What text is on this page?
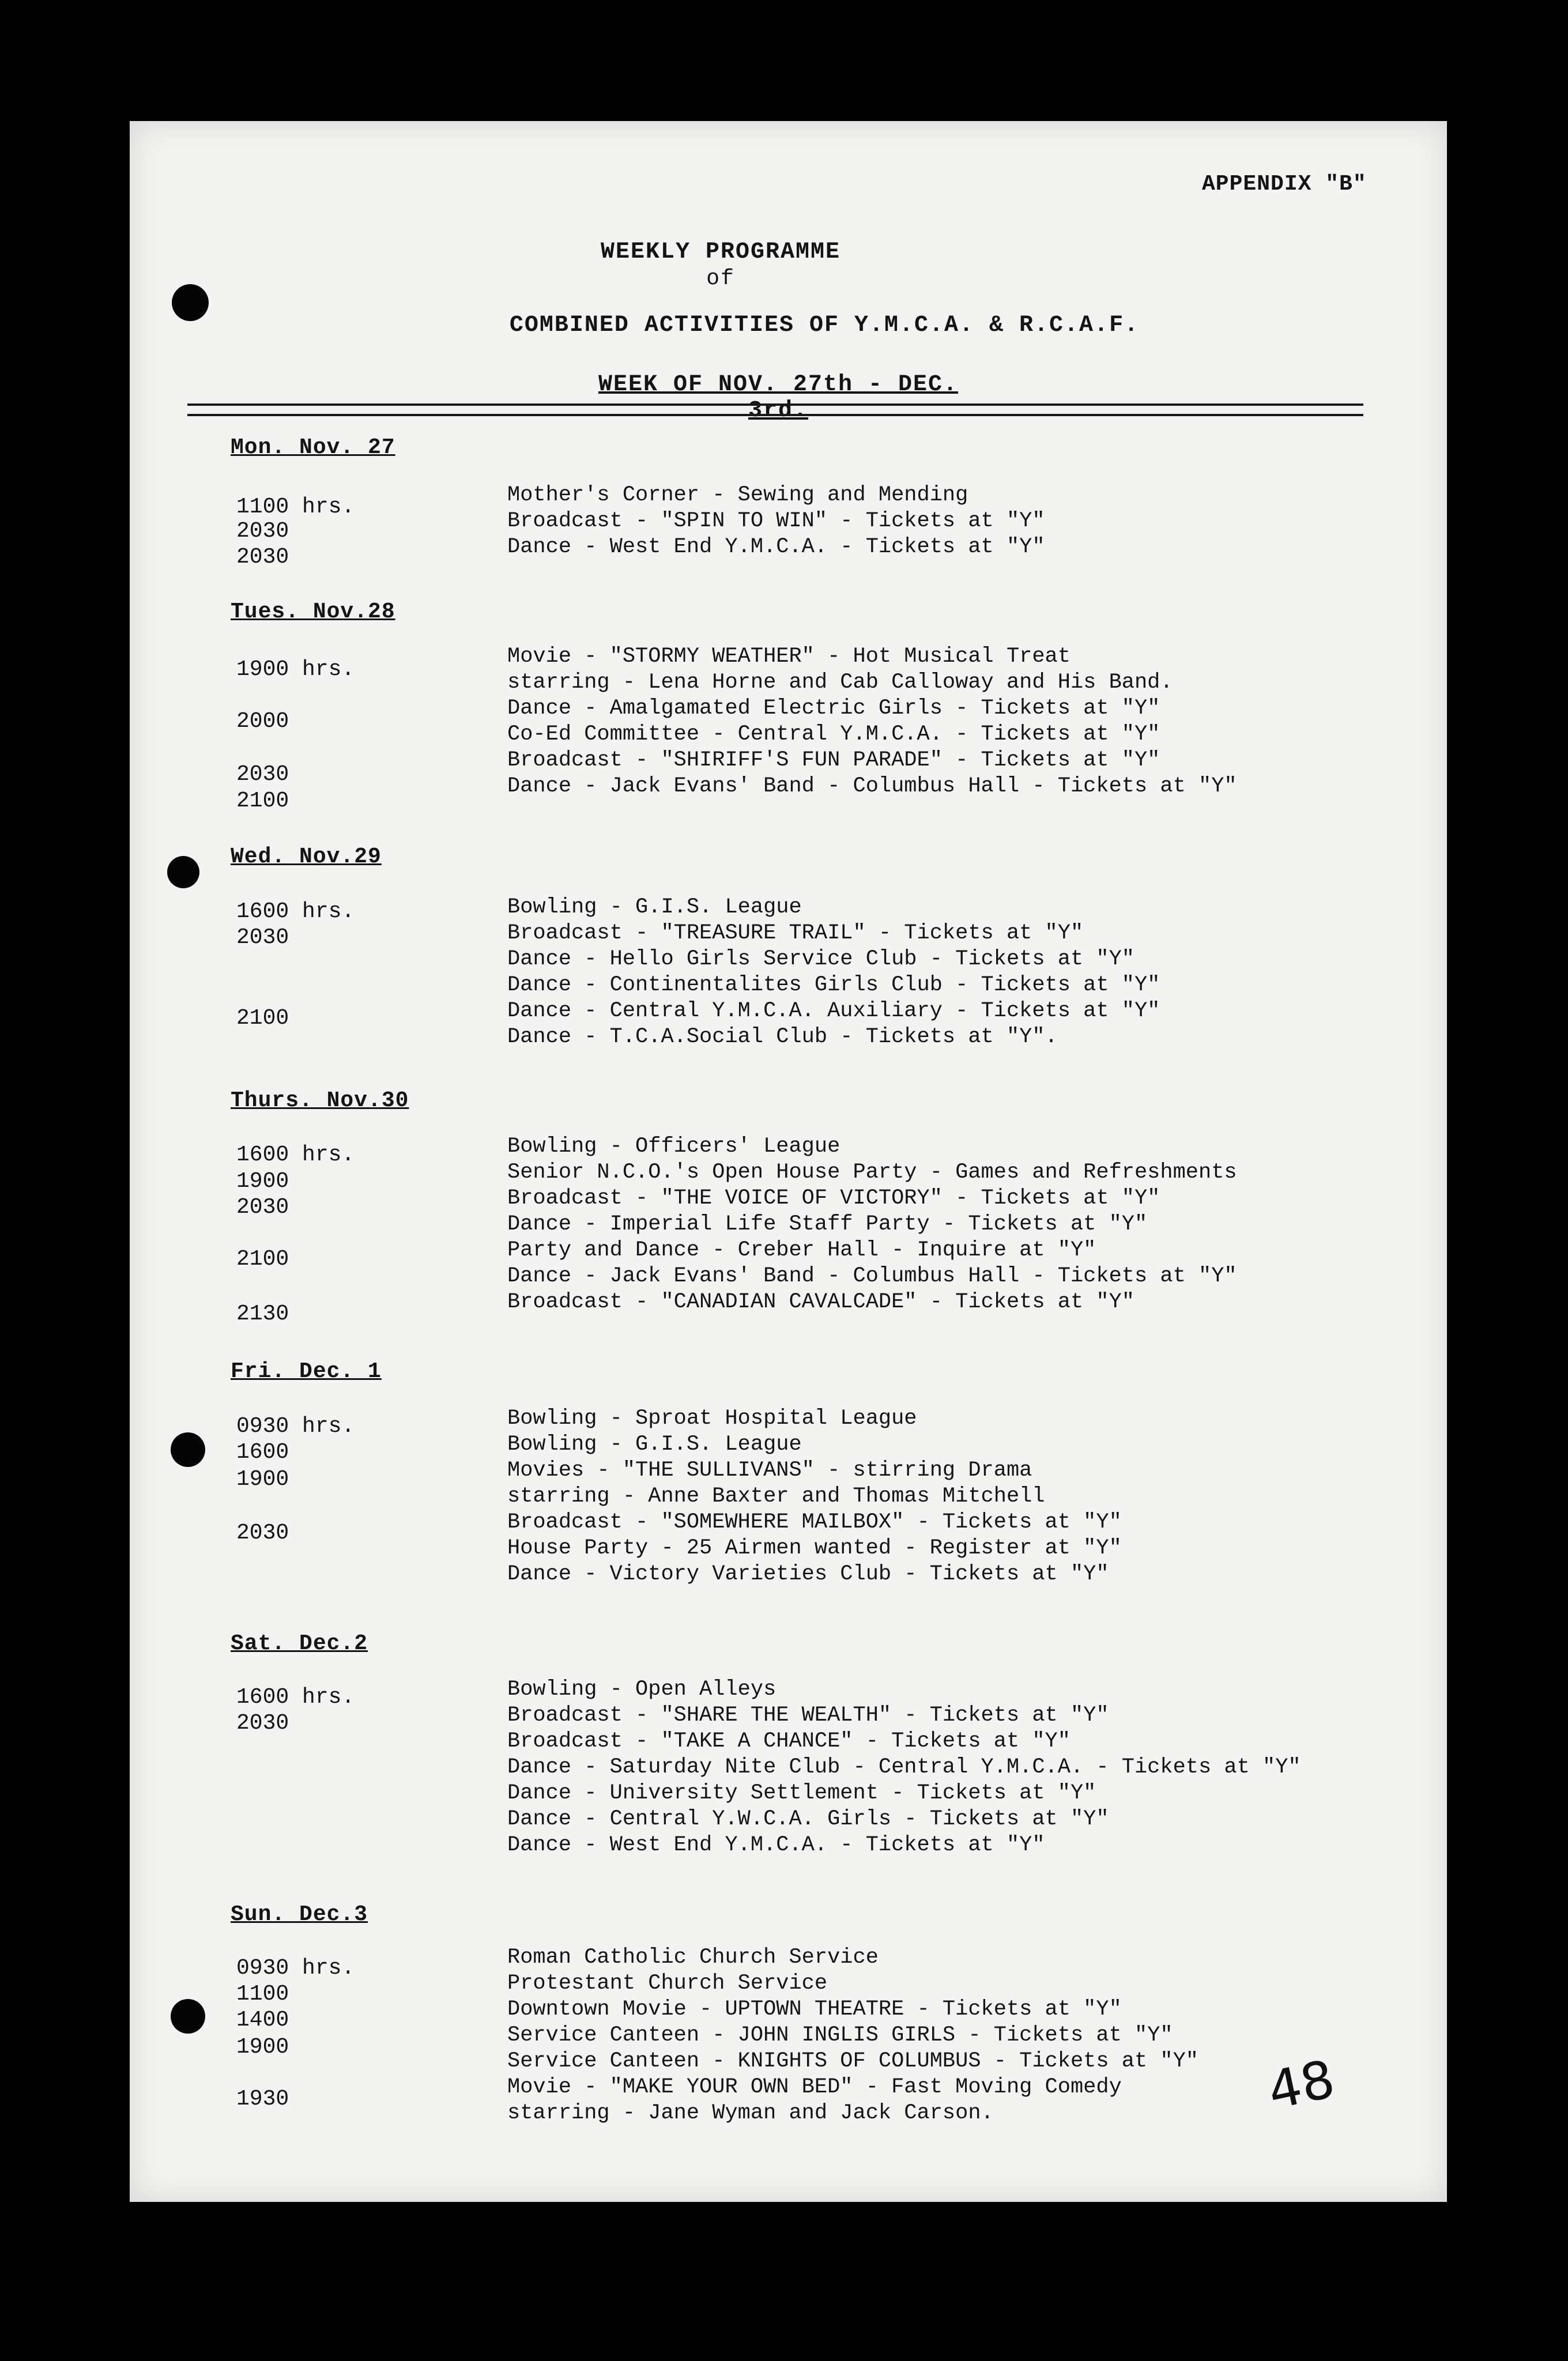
APPENDIX "B"
WEEKLY PROGRAMME
of
COMBINED ACTIVITIES OF Y.M.C.A. & R.C.A.F.
WEEK OF NOV. 27th - DEC. 3rd.
Mon. Nov. 27
1100 hrs.
2030
2030
Mother's Corner - Sewing and Mending
Broadcast - "SPIN TO WIN" - Tickets at "Y"
Dance - West End Y.M.C.A. - Tickets at "Y"
Tues. Nov.28
1900 hrs.
2000
2030
2100
Movie - "STORMY WEATHER" - Hot Musical Treat
starring - Lena Horne and Cab Calloway and His Band.
Dance - Amalgamated Electric Girls - Tickets at "Y"
Co-Ed Committee - Central Y.M.C.A. - Tickets at "Y"
Broadcast - "SHIRIFF'S FUN PARADE" - Tickets at "Y"
Dance - Jack Evans' Band - Columbus Hall - Tickets at "Y"
Wed. Nov.29
1600 hrs.
2030
2100
Bowling - G.I.S. League
Broadcast - "TREASURE TRAIL" - Tickets at "Y"
Dance - Hello Girls Service Club - Tickets at "Y"
Dance - Continentalites Girls Club - Tickets at "Y"
Dance - Central Y.M.C.A. Auxiliary - Tickets at "Y"
Dance - T.C.A.Social Club - Tickets at "Y".
Thurs. Nov.30
1600 hrs.
1900
2030
2100
2130
Bowling - Officers' League
Senior N.C.O.'s Open House Party - Games and Refreshments
Broadcast - "THE VOICE OF VICTORY" - Tickets at "Y"
Dance - Imperial Life Staff Party - Tickets at "Y"
Party and Dance - Creber Hall - Inquire at "Y"
Dance - Jack Evans' Band - Columbus Hall - Tickets at "Y"
Broadcast - "CANADIAN CAVALCADE" - Tickets at "Y"
Fri. Dec. 1
0930 hrs.
1600
1900
2030
Bowling - Sproat Hospital League
Bowling - G.I.S. League
Movies - "THE SULLIVANS" - stirring Drama
starring - Anne Baxter and Thomas Mitchell
Broadcast - "SOMEWHERE MAILBOX" - Tickets at "Y"
House Party - 25 Airmen wanted - Register at "Y"
Dance - Victory Varieties Club - Tickets at "Y"
Sat. Dec.2
1600 hrs.
2030
Bowling - Open Alleys
Broadcast - "SHARE THE WEALTH" - Tickets at "Y"
Broadcast - "TAKE A CHANCE" - Tickets at "Y"
Dance - Saturday Nite Club - Central Y.M.C.A. - Tickets at "Y"
Dance - University Settlement - Tickets at "Y"
Dance - Central Y.W.C.A. Girls - Tickets at "Y"
Dance - West End Y.M.C.A. - Tickets at "Y"
Sun. Dec.3
0930 hrs.
1100
1400
1900
1930
Roman Catholic Church Service
Protestant Church Service
Downtown Movie - UPTOWN THEATRE - Tickets at "Y"
Service Canteen - JOHN INGLIS GIRLS - Tickets at "Y"
Service Canteen - KNIGHTS OF COLUMBUS - Tickets at "Y"
Movie - "MAKE YOUR OWN BED" - Fast Moving Comedy
starring - Jane Wyman and Jack Carson.	48
